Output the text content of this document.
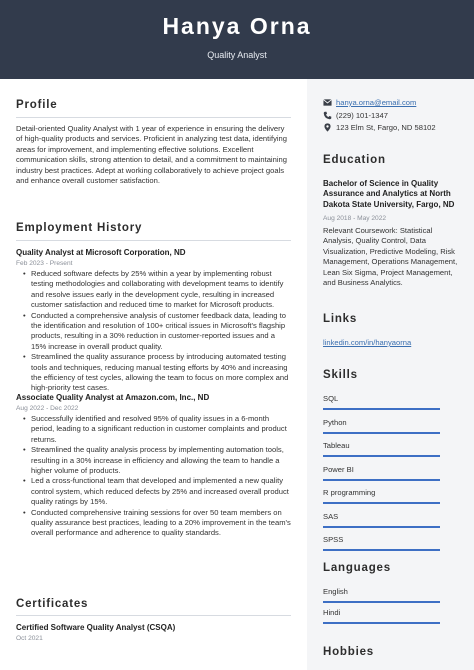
Hanya Orna
Quality Analyst
Profile
Detail-oriented Quality Analyst with 1 year of experience in ensuring the delivery of high-quality products and services. Proficient in analyzing test data, identifying areas for improvement, and implementing effective solutions. Excellent communication skills, strong attention to detail, and a commitment to maintaining industry best practices. Adept at working collaboratively to achieve project goals and enhance overall customer satisfaction.
Employment History
Quality Analyst at Microsoft Corporation, ND
Feb 2023 - Present
• Reduced software defects by 25% within a year by implementing robust testing methodologies and collaborating with development teams to identify and resolve issues early in the development cycle, resulting in increased customer satisfaction and reduced time to market for Microsoft products.
• Conducted a comprehensive analysis of customer feedback data, leading to the identification and resolution of 100+ critical issues in Microsoft's flagship products, resulting in a 30% reduction in customer-reported issues and a 15% increase in overall product quality.
• Streamlined the quality assurance process by introducing automated testing tools and techniques, reducing manual testing efforts by 40% and increasing the efficiency of test cycles, allowing the team to focus on more complex and high-priority test cases.
Associate Quality Analyst at Amazon.com, Inc., ND
Aug 2022 - Dec 2022
• Successfully identified and resolved 95% of quality issues in a 6-month period, leading to a significant reduction in customer complaints and product returns.
• Streamlined the quality analysis process by implementing automation tools, resulting in a 30% increase in efficiency and allowing the team to handle a higher volume of products.
• Led a cross-functional team that developed and implemented a new quality control system, which reduced defects by 25% and increased overall product quality ratings by 15%.
• Conducted comprehensive training sessions for over 50 team members on quality assurance best practices, leading to a 20% improvement in the team's overall performance and adherence to quality standards.
Certificates
Certified Software Quality Analyst (CSQA)
Oct 2021
hanya.orna@email.com
(229) 101-1347
123 Elm St, Fargo, ND 58102
Education
Bachelor of Science in Quality Assurance and Analytics at North Dakota State University, Fargo, ND
Aug 2018 - May 2022
Relevant Coursework: Statistical Analysis, Quality Control, Data Visualization, Predictive Modeling, Risk Management, Operations Management, Lean Six Sigma, Project Management, and Business Analytics.
Links
linkedin.com/in/hanyaorna
Skills
SQL
Python
Tableau
Power BI
R programming
SAS
SPSS
Languages
English
Hindi
Hobbies
